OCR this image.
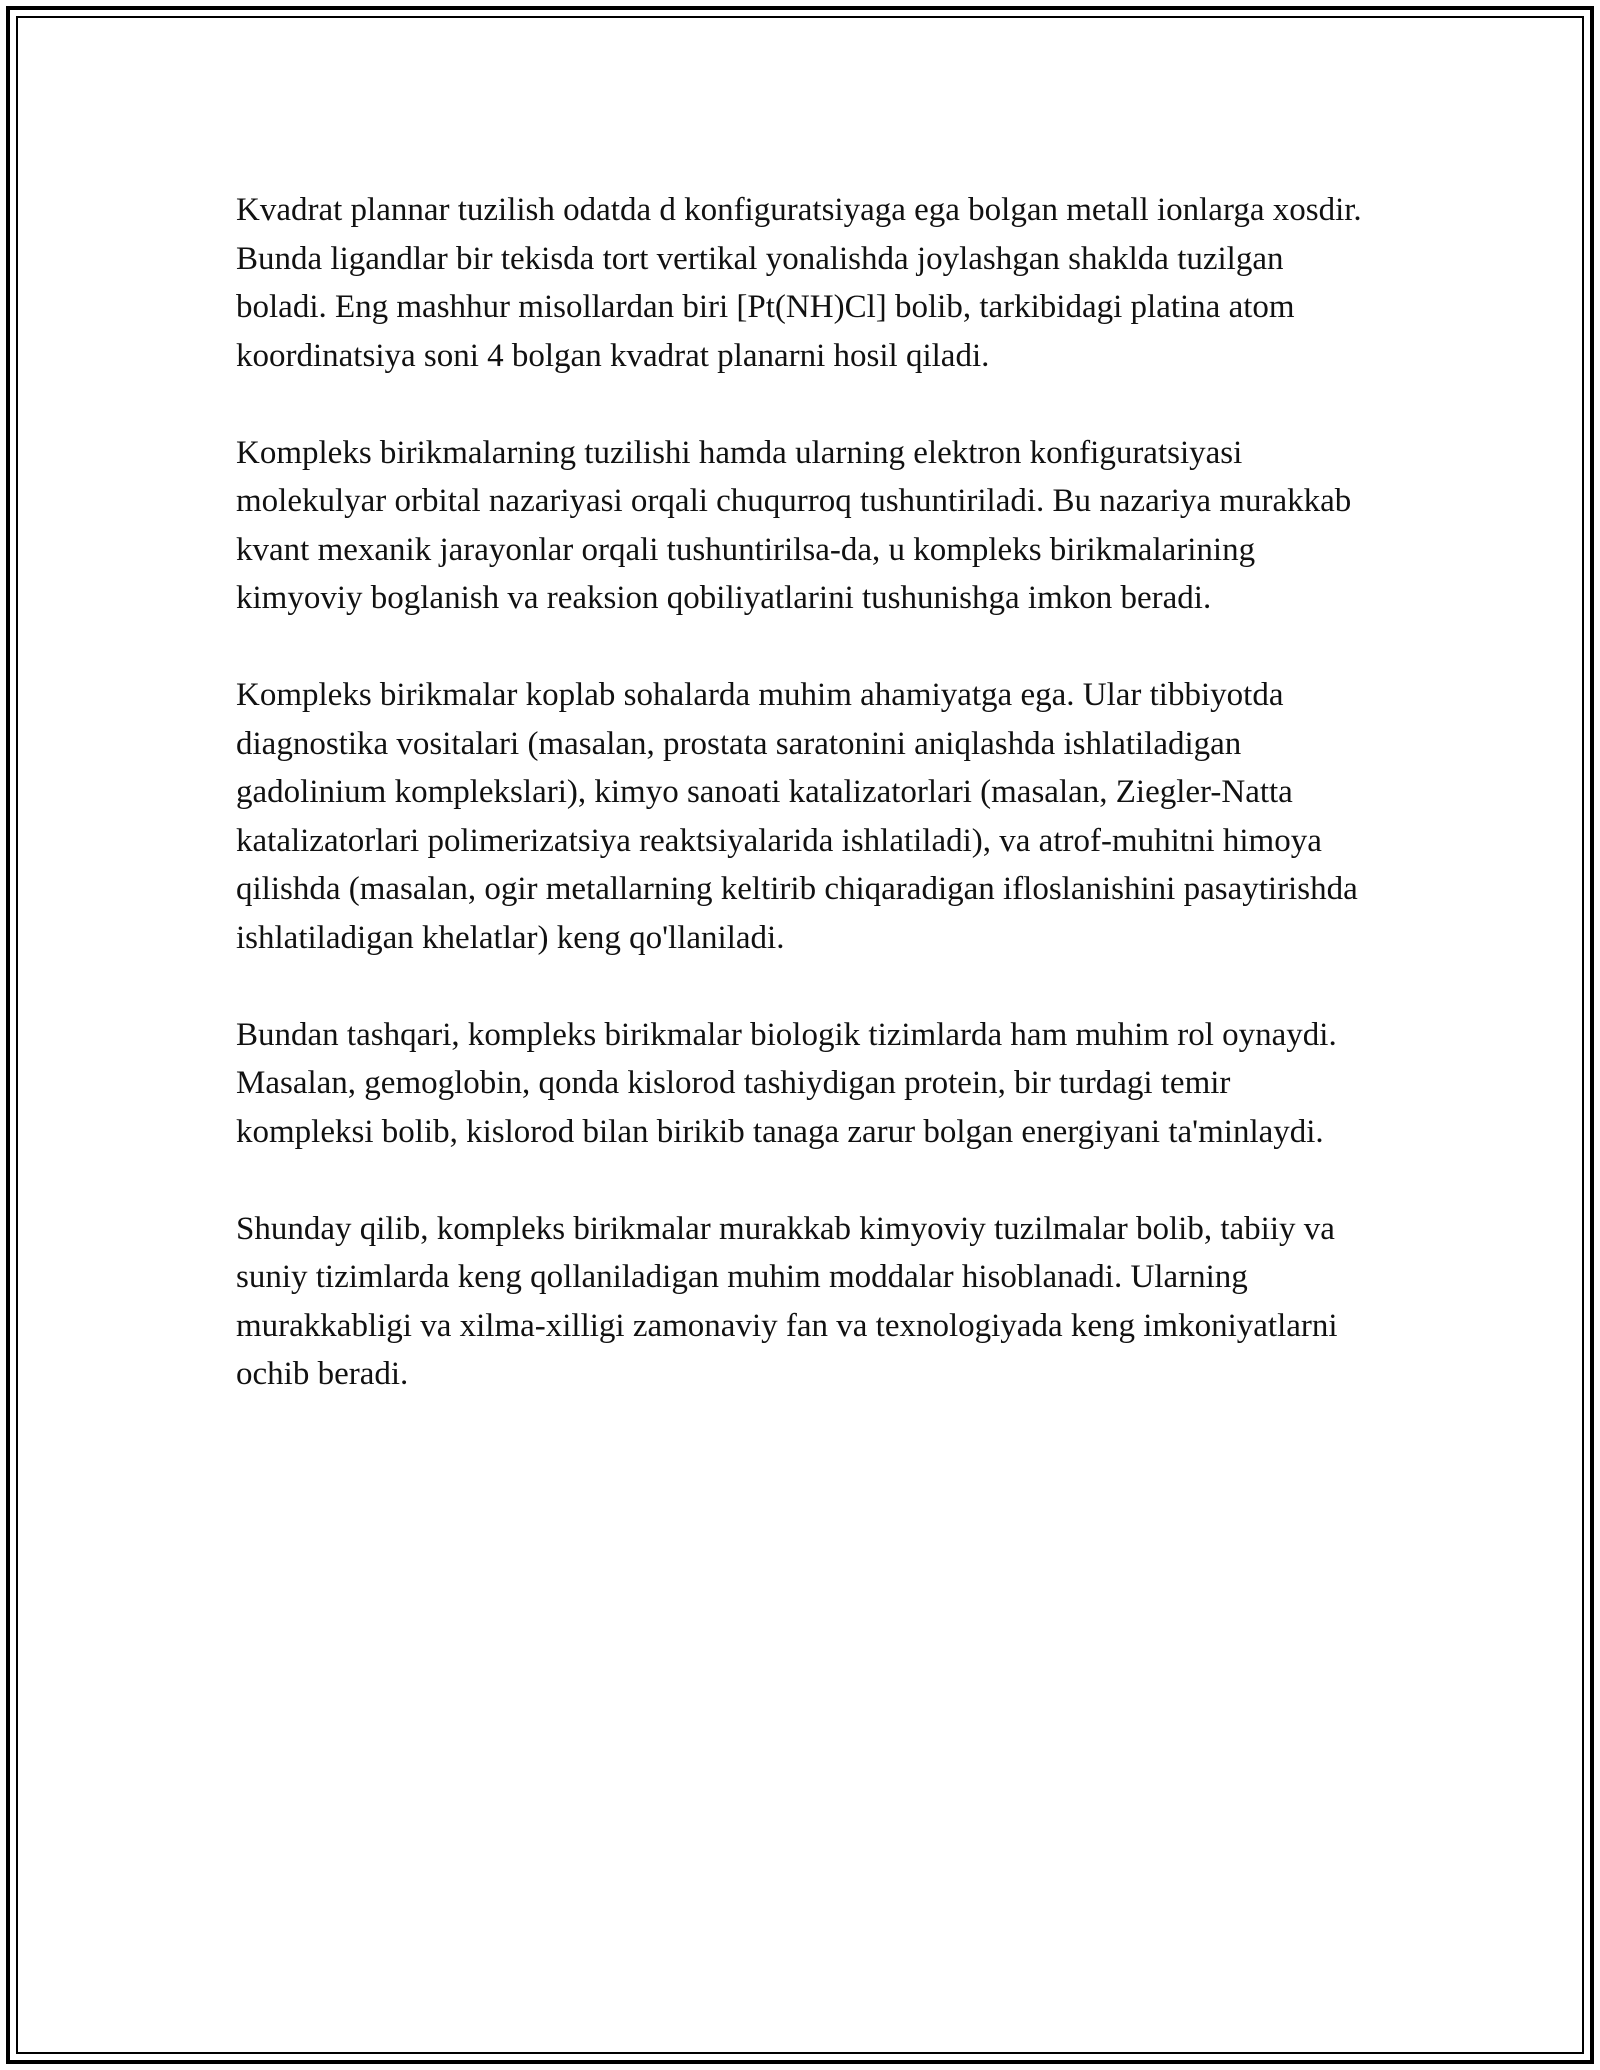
Kvadrat plannar tuzilish odatda d konfiguratsiyaga ega bolgan metall ionlarga xosdir. Bunda ligandlar bir tekisda tort vertikal yonalishda joylashgan shaklda tuzilgan boladi. Eng mashhur misollardan biri [Pt(NH)Cl] bolib, tarkibidagi platina atom koordinatsiya soni 4 bolgan kvadrat planarni hosil qiladi.

Kompleks birikmalarning tuzilishi hamda ularning elektron konfiguratsiyasi molekulyar orbital nazariyasi orqali chuqurroq tushuntiriladi. Bu nazariya murakkab kvant mexanik jarayonlar orqali tushuntirilsa-da, u kompleks birikmalarining kimyoviy boglanish va reaksion qobiliyatlarini tushunishga imkon beradi.

Kompleks birikmalar koplab sohalarda muhim ahamiyatga ega. Ular tibbiyotda diagnostika vositalari (masalan, prostata saratonini aniqlashda ishlatiladigan gadolinium komplekslari), kimyo sanoati katalizatorlari (masalan, Ziegler-Natta katalizatorlari polimerizatsiya reaktsiyalarida ishlatiladi), va atrof-muhitni himoya qilishda (masalan, ogir metallarning keltirib chiqaradigan ifloslanishini pasaytirishda ishlatiladigan khelatlar) keng qo'llaniladi.

Bundan tashqari, kompleks birikmalar biologik tizimlarda ham muhim rol oynaydi. Masalan, gemoglobin, qonda kislorod tashiydigan protein, bir turdagi temir kompleksi bolib, kislorod bilan birikib tanaga zarur bolgan energiyani ta'minlaydi.

Shunday qilib, kompleks birikmalar murakkab kimyoviy tuzilmalar bolib, tabiiy va suniy tizimlarda keng qollaniladigan muhim moddalar hisoblanadi. Ularning murakkabligi va xilma-xilligi zamonaviy fan va texnologiyada keng imkoniyatlarni ochib beradi.
